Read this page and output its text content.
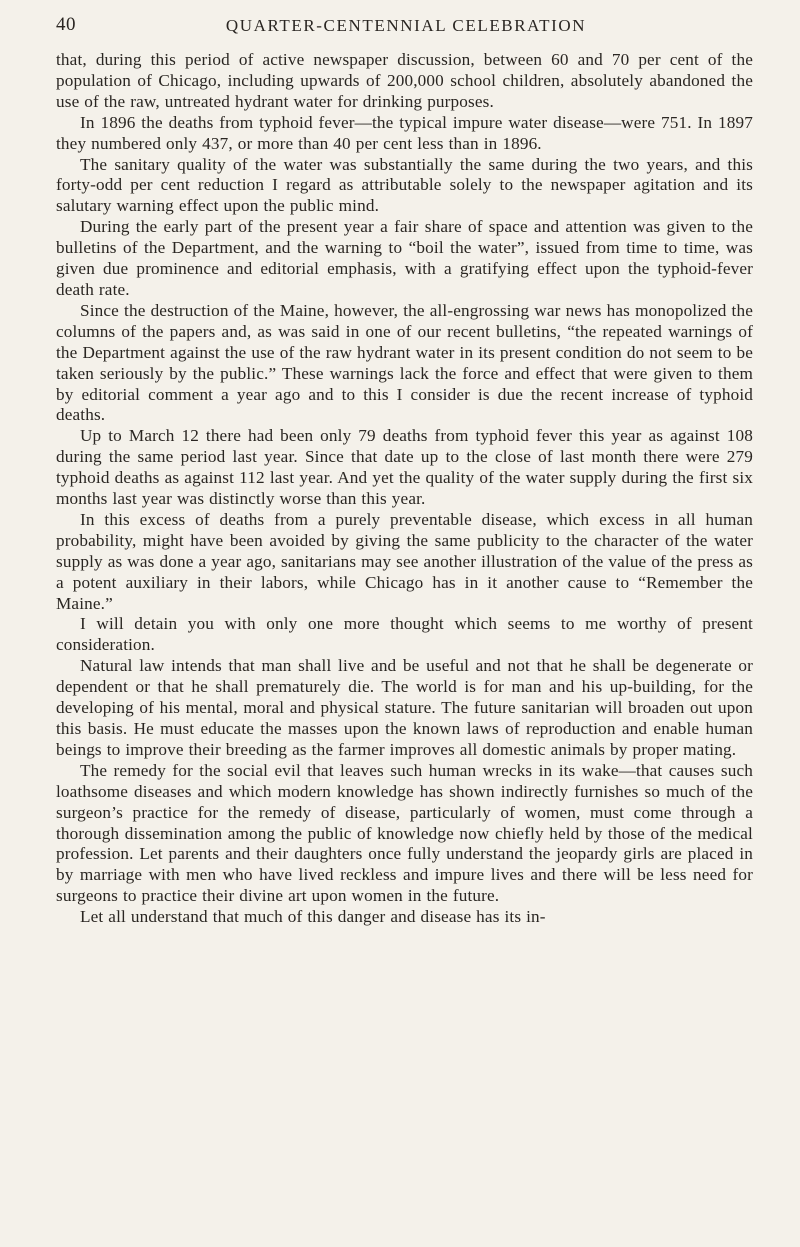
40	QUARTER-CENTENNIAL CELEBRATION

that, during this period of active newspaper discussion, between 60 and 70 per cent of the population of Chicago, including upwards of 200,000 school children, absolutely abandoned the use of the raw, untreated hydrant water for drinking purposes.

In 1896 the deaths from typhoid fever—the typical impure water disease—were 751. In 1897 they numbered only 437, or more than 40 per cent less than in 1896.

The sanitary quality of the water was substantially the same during the two years, and this forty-odd per cent reduction I regard as attributable solely to the newspaper agitation and its salutary warning effect upon the public mind.

During the early part of the present year a fair share of space and attention was given to the bulletins of the Department, and the warning to “boil the water”, issued from time to time, was given due prominence and editorial emphasis, with a gratifying effect upon the typhoid-fever death rate.

Since the destruction of the Maine, however, the all-engrossing war news has monopolized the columns of the papers and, as was said in one of our recent bulletins, “the repeated warnings of the Department against the use of the raw hydrant water in its present condition do not seem to be taken seriously by the public.” These warnings lack the force and effect that were given to them by editorial comment a year ago and to this I consider is due the recent increase of typhoid deaths.

Up to March 12 there had been only 79 deaths from typhoid fever this year as against 108 during the same period last year. Since that date up to the close of last month there were 279 typhoid deaths as against 112 last year. And yet the quality of the water supply during the first six months last year was distinctly worse than this year.

In this excess of deaths from a purely preventable disease, which excess in all human probability, might have been avoided by giving the same publicity to the character of the water supply as was done a year ago, sanitarians may see another illustration of the value of the press as a potent auxiliary in their labors, while Chicago has in it another cause to “Remember the Maine.”

I will detain you with only one more thought which seems to me worthy of present consideration.

Natural law intends that man shall live and be useful and not that he shall be degenerate or dependent or that he shall prematurely die. The world is for man and his up-building, for the developing of his mental, moral and physical stature. The future sanitarian will broaden out upon this basis. He must educate the masses upon the known laws of reproduction and enable human beings to improve their breeding as the farmer improves all domestic animals by proper mating.

The remedy for the social evil that leaves such human wrecks in its wake—that causes such loathsome diseases and which modern knowledge has shown indirectly furnishes so much of the surgeon’s practice for the remedy of disease, particularly of women, must come through a thorough dissemination among the public of knowledge now chiefly held by those of the medical profession. Let parents and their daughters once fully understand the jeopardy girls are placed in by marriage with men who have lived reckless and impure lives and there will be less need for surgeons to practice their divine art upon women in the future.

Let all understand that much of this danger and disease has its in-
